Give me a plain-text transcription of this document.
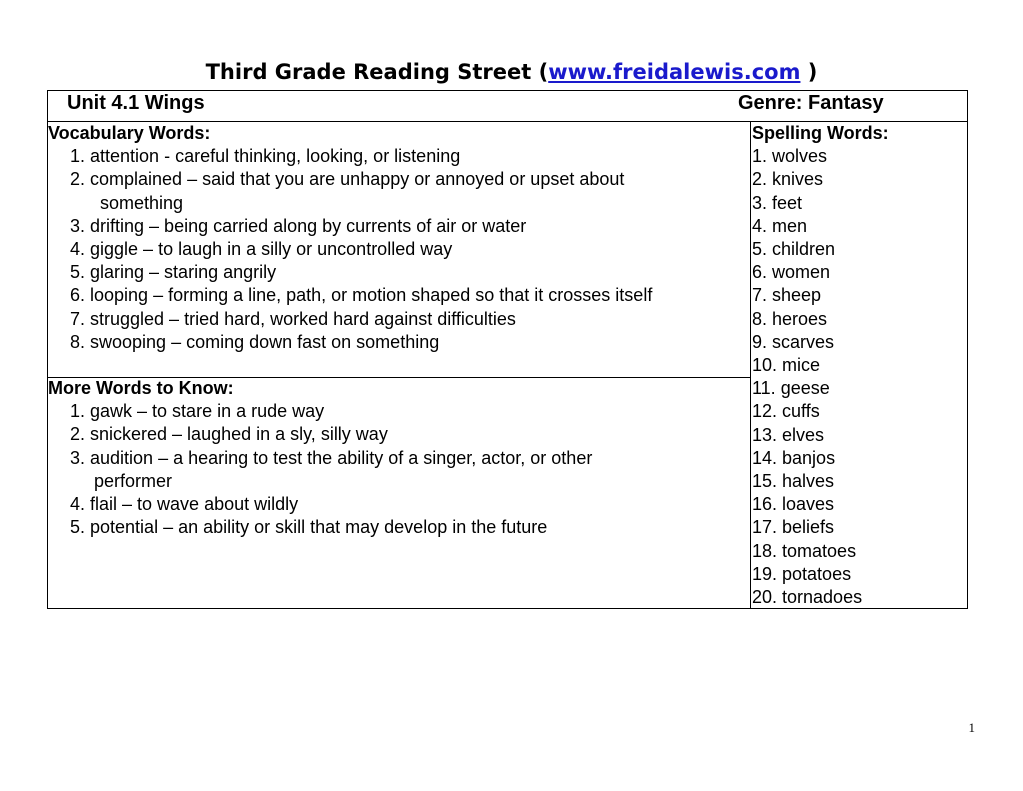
Third Grade Reading Street (www.freidalewis.com )
Unit 4.1 Wings	Genre: Fantasy
Vocabulary Words:
1. attention - careful thinking, looking, or listening
2. complained – said that you are unhappy or annoyed or upset about
something
3. drifting – being carried along by currents of air or water
4. giggle – to laugh in a silly or uncontrolled way
5. glaring – staring angrily
6. looping – forming a line, path, or motion shaped so that it crosses itself
7. struggled – tried hard, worked hard against difficulties
8. swooping – coming down fast on something
More Words to Know:
1. gawk – to stare in a rude way
2. snickered – laughed in a sly, silly way
3. audition – a hearing to test the ability of a singer, actor, or other
performer
4. flail – to wave about wildly
5. potential – an ability or skill that may develop in the future
Spelling Words:
1. wolves
2. knives
3. feet
4. men
5. children
6. women
7. sheep
8. heroes
9. scarves
10. mice
11. geese
12. cuffs
13. elves
14. banjos
15. halves
16. loaves
17. beliefs
18. tomatoes
19. potatoes
20. tornadoes
1
